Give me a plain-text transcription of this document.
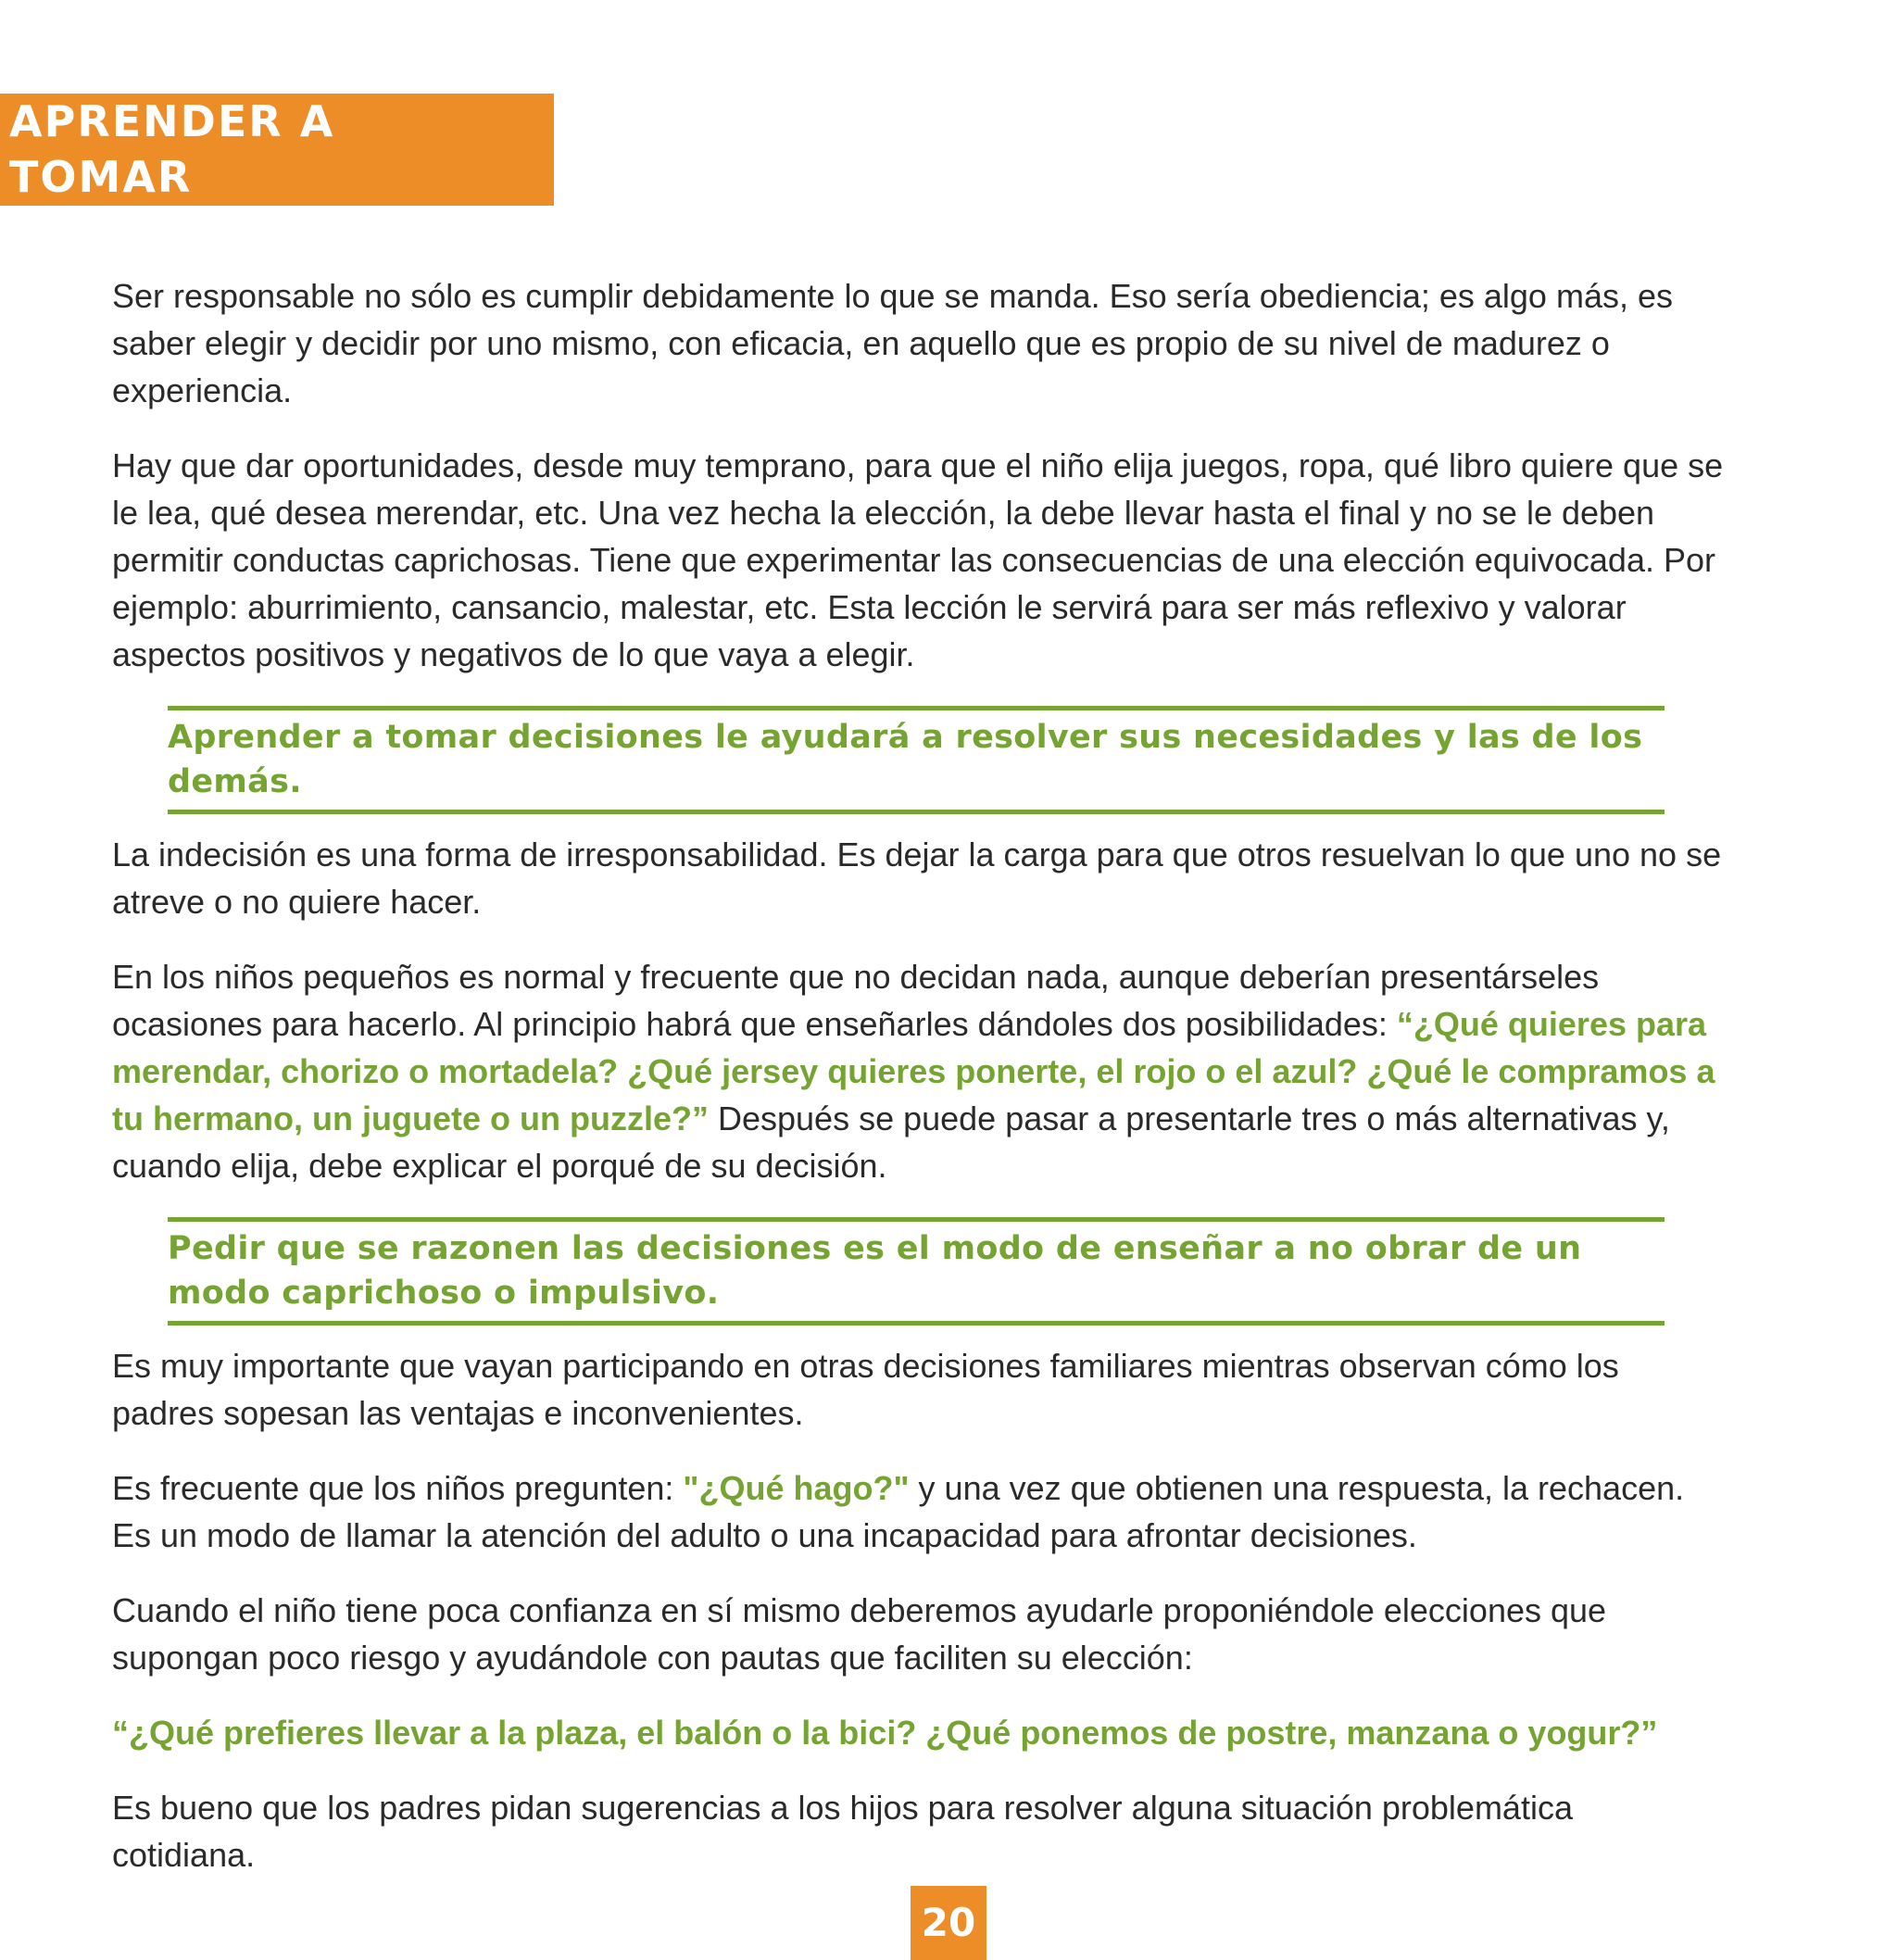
APRENDER A TOMAR
DECISIONES

Ser responsable no sólo es cumplir debidamente lo que se manda. Eso sería obediencia; es algo más, es saber elegir y decidir por uno mismo, con eficacia, en aquello que es propio de su nivel de madurez o experiencia.

Hay que dar oportunidades, desde muy temprano, para que el niño elija juegos, ropa, qué libro quiere que se le lea, qué desea merendar, etc. Una vez hecha la elección, la debe llevar hasta el final y no se le deben permitir conductas caprichosas. Tiene que experimentar las consecuencias de una elección equivocada. Por ejemplo: aburrimiento, cansancio, malestar, etc. Esta lección le servirá para ser más reflexivo y valorar aspectos positivos y negativos de lo que vaya a elegir.

Aprender a tomar decisiones le ayudará a resolver sus necesidades y las de los demás.

La indecisión es una forma de irresponsabilidad. Es dejar la carga para que otros resuelvan lo que uno no se atreve o no quiere hacer.

En los niños pequeños es normal y frecuente que no decidan nada, aunque deberían presentárseles ocasiones para hacerlo. Al principio habrá que enseñarles dándoles dos posibilidades: “¿Qué quieres para merendar, chorizo o mortadela? ¿Qué jersey quieres ponerte, el rojo o el azul? ¿Qué le compramos a tu hermano, un juguete o un puzzle?” Después se puede pasar a presentarle tres o más alternativas y, cuando elija, debe explicar el porqué de su decisión.

Pedir que se razonen las decisiones es el modo de enseñar a no obrar de un modo caprichoso o impulsivo.

Es muy importante que vayan participando en otras decisiones familiares mientras observan cómo los padres sopesan las ventajas e inconvenientes.

Es frecuente que los niños pregunten: "¿Qué hago?" y una vez que obtienen una respuesta, la rechacen. Es un modo de llamar la atención del adulto o una incapacidad para afrontar decisiones.

Cuando el niño tiene poca confianza en sí mismo deberemos ayudarle proponiéndole elecciones que supongan poco riesgo y ayudándole con pautas que faciliten su elección:

“¿Qué prefieres llevar a la plaza, el balón o la bici? ¿Qué ponemos de postre, manzana o yogur?”

Es bueno que los padres pidan sugerencias a los hijos para resolver alguna situación problemática cotidiana.

20
